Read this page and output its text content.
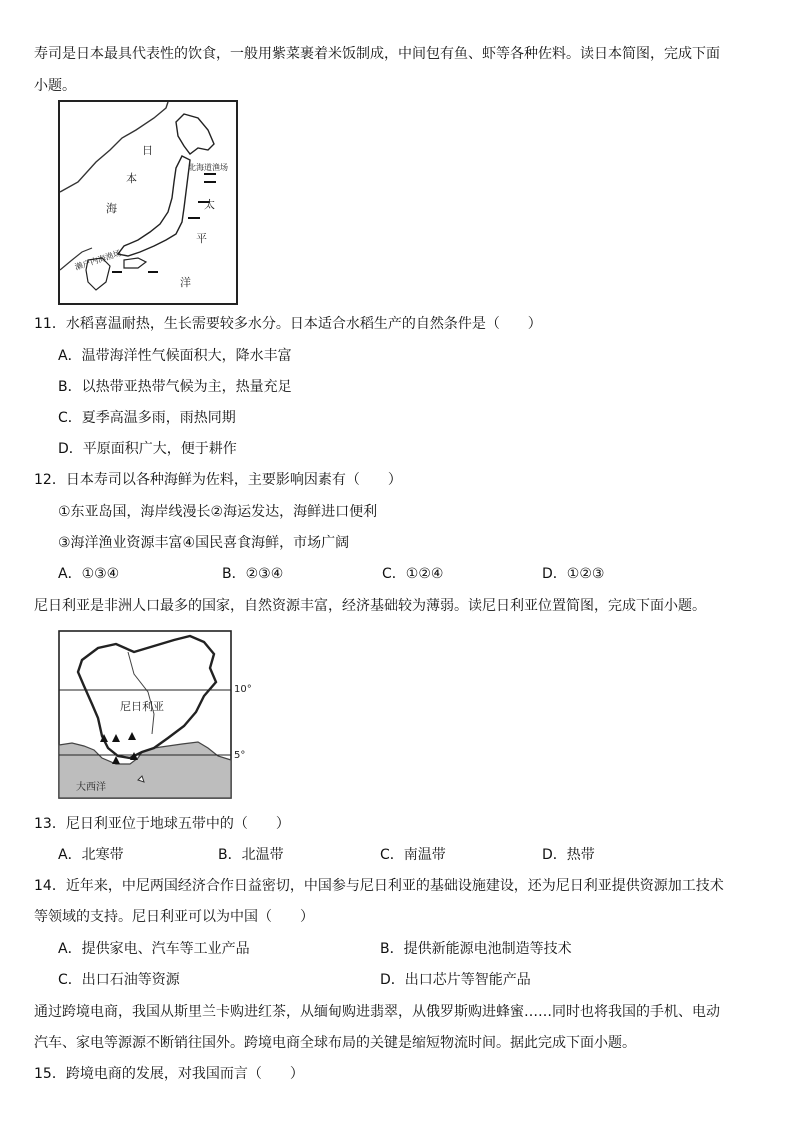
寿司是日本最具代表性的饮食，一般用紫菜裹着米饭制成，中间包有鱼、虾等各种佐料。读日本简图，完成下面
小题。
日
本
海
北海道渔场
太
平
洋
濑户内海渔场
11．水稻喜温耐热，生长需要较多水分。日本适合水稻生产的自然条件是（　　）
A．温带海洋性气候面积大，降水丰富
B．以热带亚热带气候为主，热量充足
C．夏季高温多雨，雨热同期
D．平原面积广大，便于耕作
12．日本寿司以各种海鲜为佐料，主要影响因素有（　　）
①东亚岛国，海岸线漫长②海运发达，海鲜进口便利
③海洋渔业资源丰富④国民喜食海鲜，市场广阔
A．①③④	B．②③④	C．①②④	D．①②③
尼日利亚是非洲人口最多的国家，自然资源丰富，经济基础较为薄弱。读尼日利亚位置简图，完成下面小题。
尼日利亚
大西洋
10°
5°
13．尼日利亚位于地球五带中的（　　）
A．北寒带	B．北温带	C．南温带	D．热带
14．近年来，中尼两国经济合作日益密切，中国参与尼日利亚的基础设施建设，还为尼日利亚提供资源加工技术
等领域的支持。尼日利亚可以为中国（　　）
A．提供家电、汽车等工业产品	B．提供新能源电池制造等技术
C．出口石油等资源	D．出口芯片等智能产品
通过跨境电商，我国从斯里兰卡购进红茶，从缅甸购进翡翠，从俄罗斯购进蜂蜜……同时也将我国的手机、电动
汽车、家电等源源不断销往国外。跨境电商全球布局的关键是缩短物流时间。据此完成下面小题。
15．跨境电商的发展，对我国而言（　　）
